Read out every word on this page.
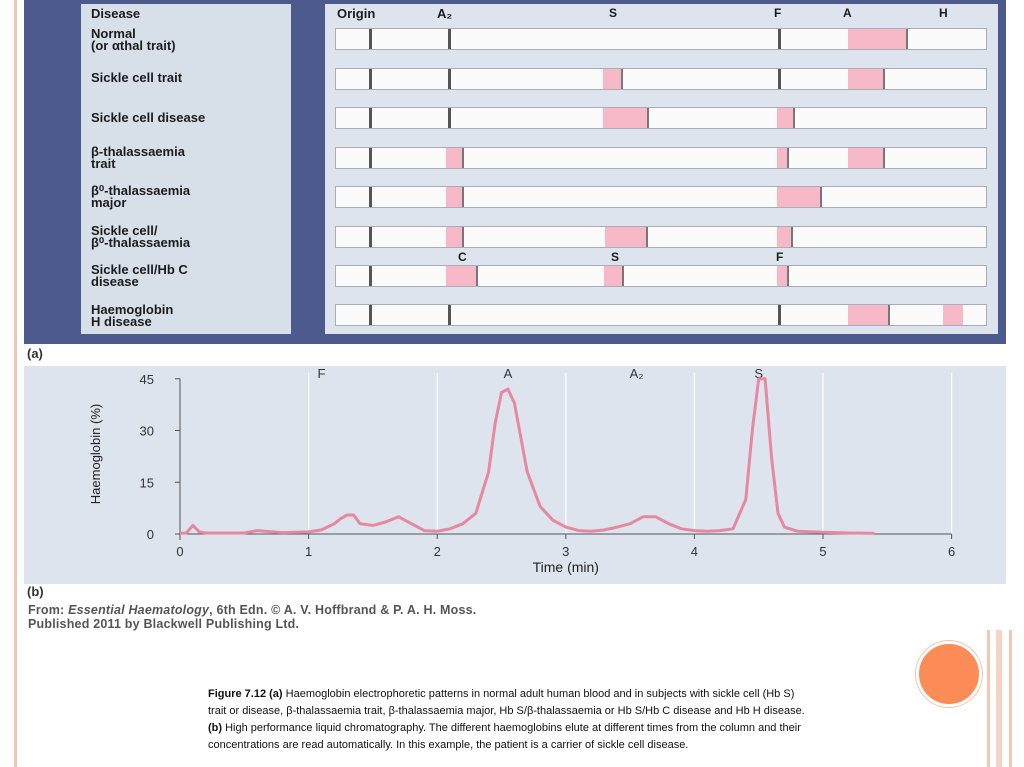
Disease
Normal
(or αthal trait)
Sickle cell trait
Sickle cell disease
β-thalassaemia
trait
β⁰-thalassaemia
major
Sickle cell/
β⁰-thalassaemia
Sickle cell/Hb C
disease
Haemoglobin
H disease
Origin	A₂	S	F	A	H
C	S	F
(a)
0
15
30
45
0	1	2	3	4	5	6
Time (min)
Haemoglobin (%)
F	A	A₂	S
(b)
From: Essential Haematology, 6th Edn. © A. V. Hoffbrand & P. A. H. Moss.
Published 2011 by Blackwell Publishing Ltd.
Figure 7.12 (a) Haemoglobin electrophoretic patterns in normal adult human blood and in subjects with sickle cell (Hb S) trait or disease, β-thalassaemia trait, β-thalassaemia major, Hb S/β-thalassaemia or Hb S/Hb C disease and Hb H disease. (b) High performance liquid chromatography. The different haemoglobins elute at different times from the column and their concentrations are read automatically. In this example, the patient is a carrier of sickle cell disease.
